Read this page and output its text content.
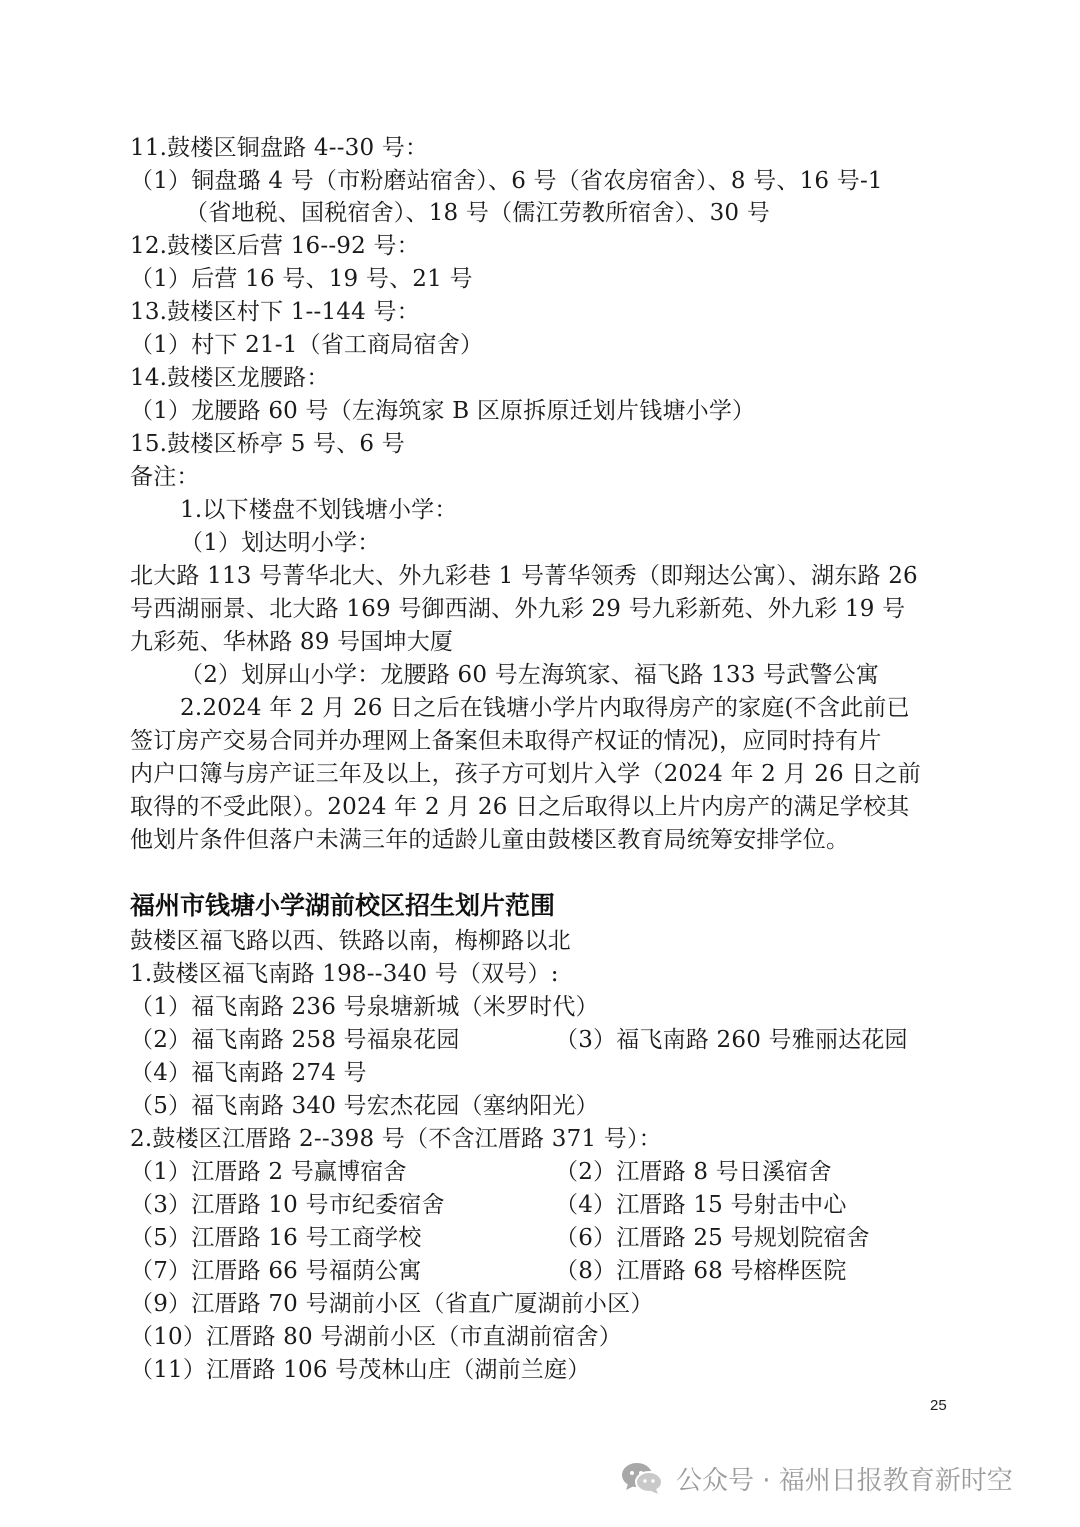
11.鼓楼区铜盘路 4--30 号：
（1）铜盘璐 4 号（市粉磨站宿舍）、6 号（省农房宿舍）、8 号、16 号-1
（省地税、国税宿舍）、18 号（儒江劳教所宿舍）、30 号
12.鼓楼区后营 16--92 号：
（1）后营 16 号、19 号、21 号
13.鼓楼区村下 1--144 号：
（1）村下 21-1（省工商局宿舍）
14.鼓楼区龙腰路：
（1）龙腰路 60 号（左海筑家 B 区原拆原迁划片钱塘小学）
15.鼓楼区桥亭 5 号、6 号
备注：
1.以下楼盘不划钱塘小学：
（1）划达明小学：
北大路 113 号菁华北大、外九彩巷 1 号菁华领秀（即翔达公寓）、湖东路 26
号西湖丽景、北大路 169 号御西湖、外九彩 29 号九彩新苑、外九彩 19 号
九彩苑、华林路 89 号国坤大厦
（2）划屏山小学：龙腰路 60 号左海筑家、福飞路 133 号武警公寓
2.2024 年 2 月 26 日之后在钱塘小学片内取得房产的家庭(不含此前已
签订房产交易合同并办理网上备案但未取得产权证的情况)，应同时持有片
内户口簿与房产证三年及以上，孩子方可划片入学（2024 年 2 月 26 日之前
取得的不受此限）。2024 年 2 月 26 日之后取得以上片内房产的满足学校其
他划片条件但落户未满三年的适龄儿童由鼓楼区教育局统筹安排学位。
福州市钱塘小学湖前校区招生划片范围
鼓楼区福飞路以西、铁路以南，梅柳路以北
1.鼓楼区福飞南路 198--340 号（双号）:
（1）福飞南路 236 号泉塘新城（米罗时代）
（2）福飞南路 258 号福泉花园	（3）福飞南路 260 号雅丽达花园
（4）福飞南路 274 号
（5）福飞南路 340 号宏杰花园（塞纳阳光）
2.鼓楼区江厝路 2--398 号（不含江厝路 371 号）：
（1）江厝路 2 号赢博宿舍	（2）江厝路 8 号日溪宿舍
（3）江厝路 10 号市纪委宿舍	（4）江厝路 15 号射击中心
（5）江厝路 16 号工商学校	（6）江厝路 25 号规划院宿舍
（7）江厝路 66 号福荫公寓	（8）江厝路 68 号榕桦医院
（9）江厝路 70 号湖前小区（省直广厦湖前小区）
（10）江厝路 80 号湖前小区（市直湖前宿舍）
（11）江厝路 106 号茂林山庄（湖前兰庭）
25
公众号 · 福州日报教育新时空
